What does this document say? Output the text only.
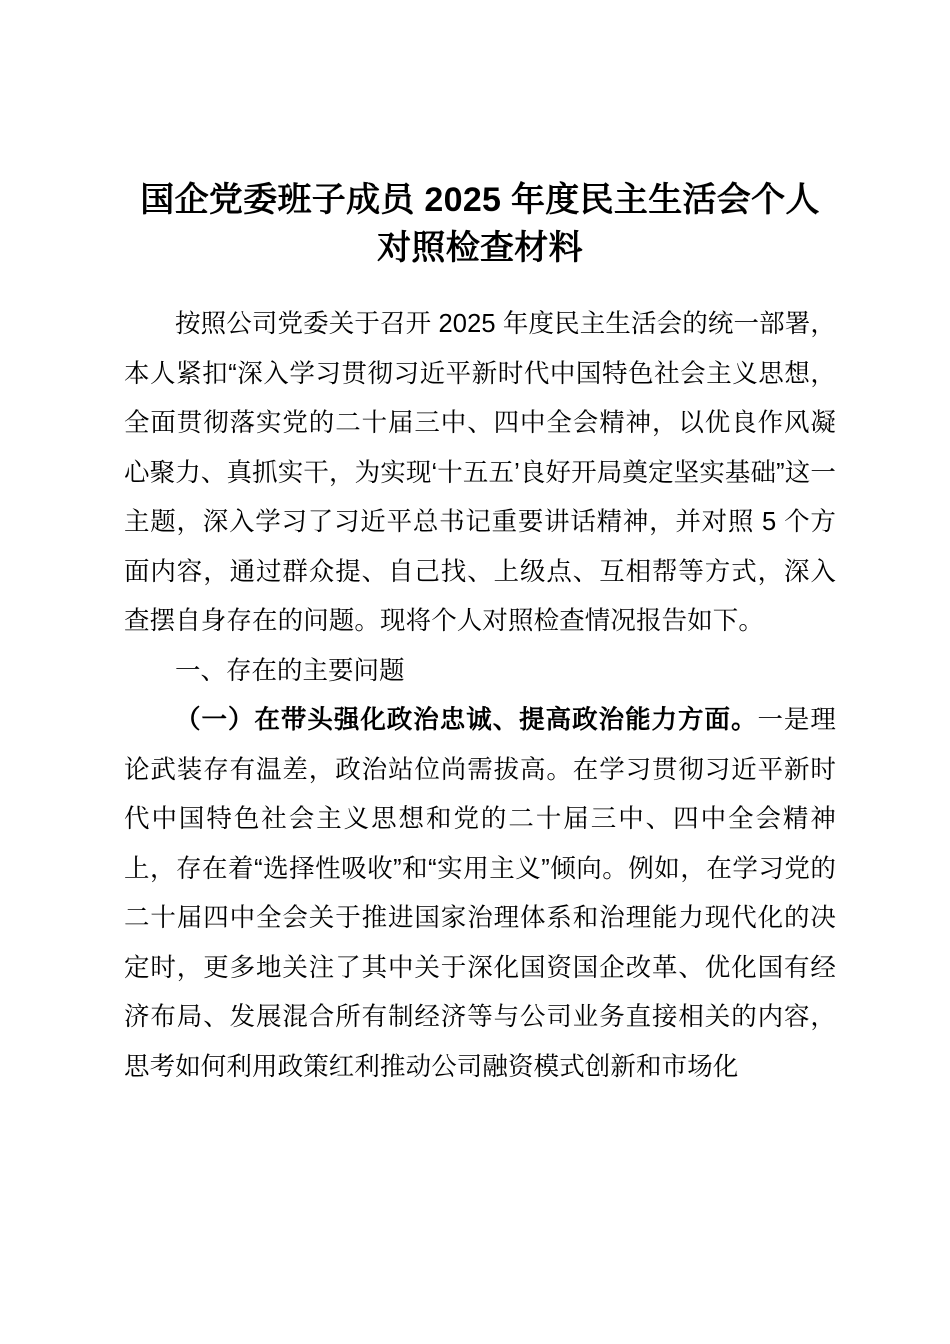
国企党委班子成员 2025 年度民主生活会个人对照检查材料

按照公司党委关于召开 2025 年度民主生活会的统一部署，本人紧扣“深入学习贯彻习近平新时代中国特色社会主义思想，全面贯彻落实党的二十届三中、四中全会精神，以优良作风凝心聚力、真抓实干，为实现‘十五五’良好开局奠定坚实基础”这一主题，深入学习了习近平总书记重要讲话精神，并对照 5 个方面内容，通过群众提、自己找、上级点、互相帮等方式，深入查摆自身存在的问题。现将个人对照检查情况报告如下。

一、存在的主要问题

（一）在带头强化政治忠诚、提高政治能力方面。一是理论武装存有温差，政治站位尚需拔高。在学习贯彻习近平新时代中国特色社会主义思想和党的二十届三中、四中全会精神上，存在着“选择性吸收”和“实用主义”倾向。例如，在学习党的二十届四中全会关于推进国家治理体系和治理能力现代化的决定时，更多地关注了其中关于深化国资国企改革、优化国有经济布局、发展混合所有制经济等与公司业务直接相关的内容，思考如何利用政策红利推动公司融资模式创新和市场化
